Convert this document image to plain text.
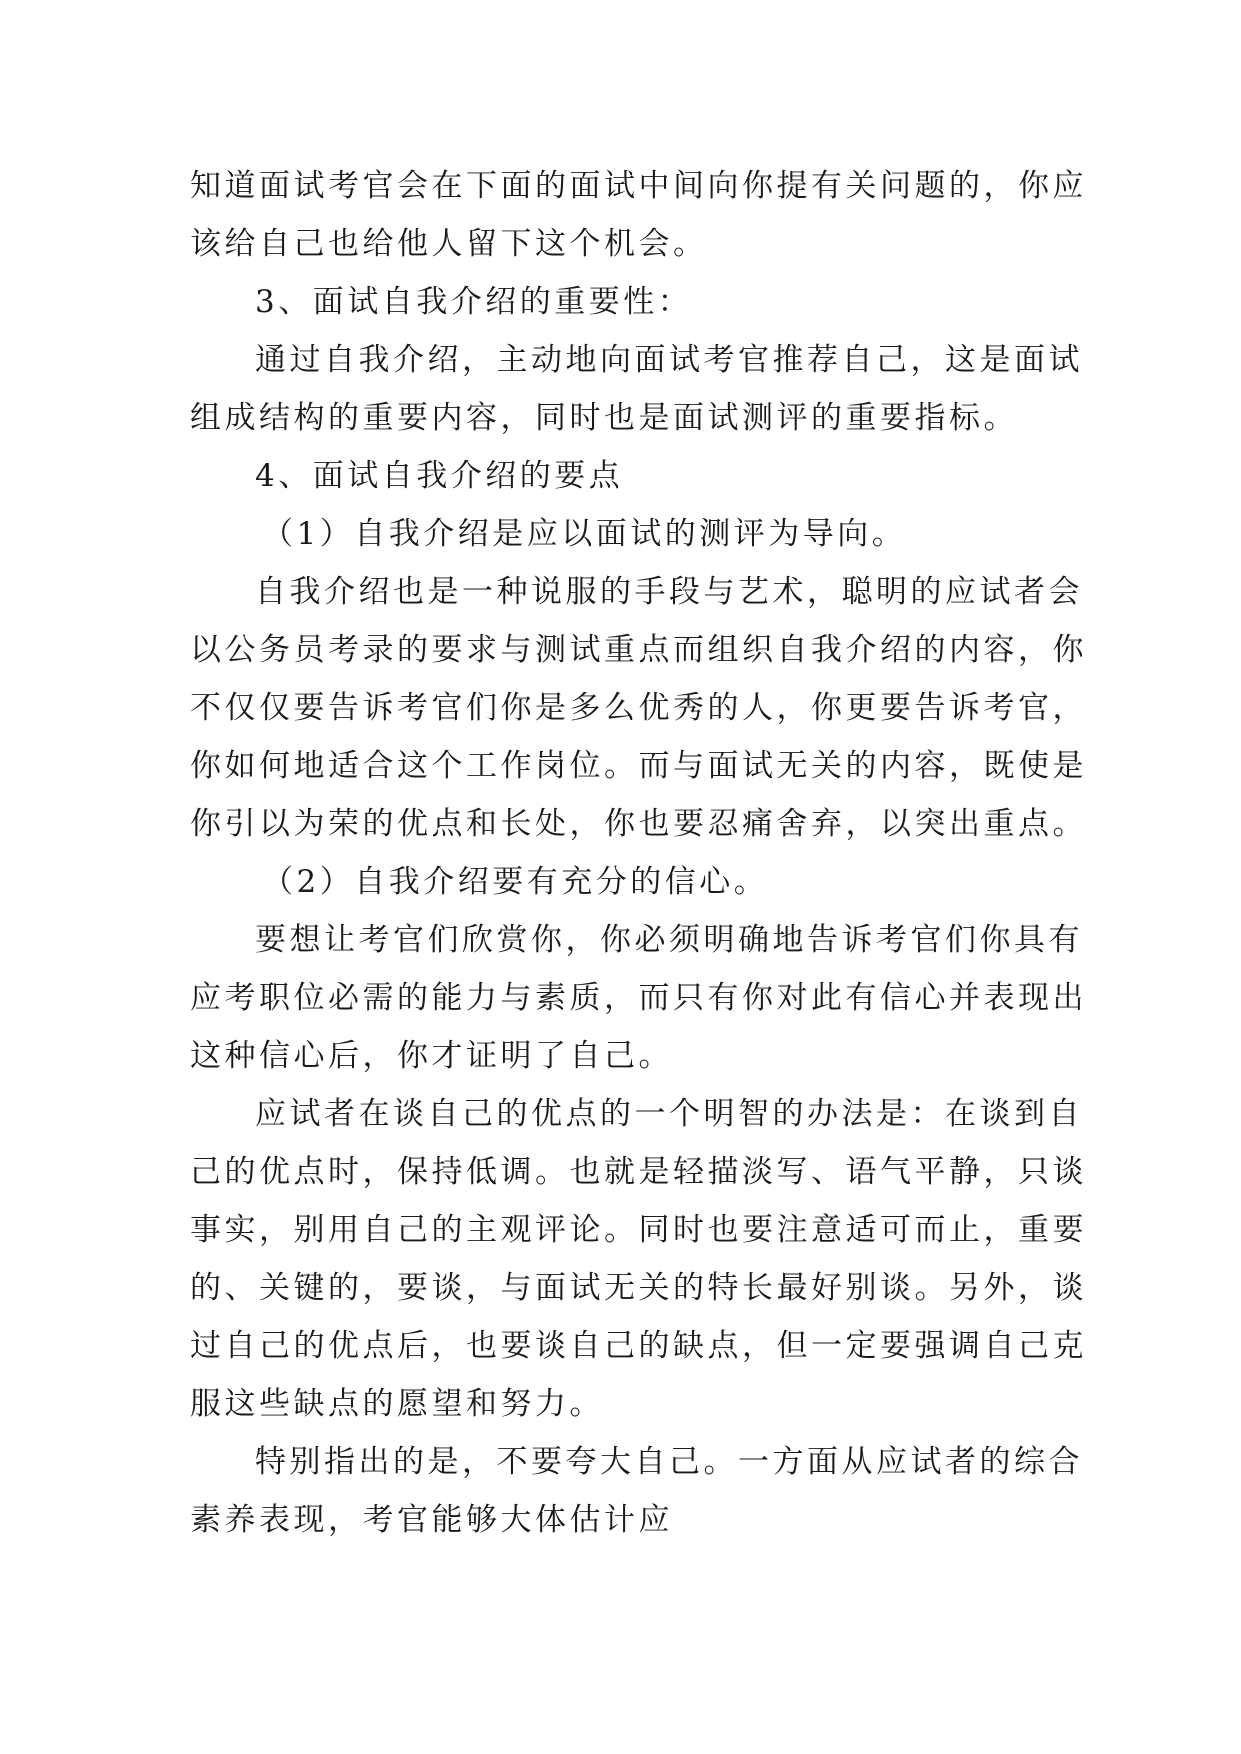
知道面试考官会在下面的面试中间向你提有关问题的，你应
该给自己也给他人留下这个机会。
3、面试自我介绍的重要性：
通过自我介绍，主动地向面试考官推荐自己，这是面试
组成结构的重要内容，同时也是面试测评的重要指标。
4、面试自我介绍的要点
（1）自我介绍是应以面试的测评为导向。
自我介绍也是一种说服的手段与艺术，聪明的应试者会
以公务员考录的要求与测试重点而组织自我介绍的内容，你
不仅仅要告诉考官们你是多么优秀的人，你更要告诉考官，
你如何地适合这个工作岗位。而与面试无关的内容，既使是
你引以为荣的优点和长处，你也要忍痛舍弃，以突出重点。
（2）自我介绍要有充分的信心。
要想让考官们欣赏你，你必须明确地告诉考官们你具有
应考职位必需的能力与素质，而只有你对此有信心并表现出
这种信心后，你才证明了自己。
应试者在谈自己的优点的一个明智的办法是：在谈到自
己的优点时，保持低调。也就是轻描淡写、语气平静，只谈
事实，别用自己的主观评论。同时也要注意适可而止，重要
的、关键的，要谈，与面试无关的特长最好别谈。另外，谈
过自己的优点后，也要谈自己的缺点，但一定要强调自己克
服这些缺点的愿望和努力。
特别指出的是，不要夸大自己。一方面从应试者的综合
素养表现，考官能够大体估计应
